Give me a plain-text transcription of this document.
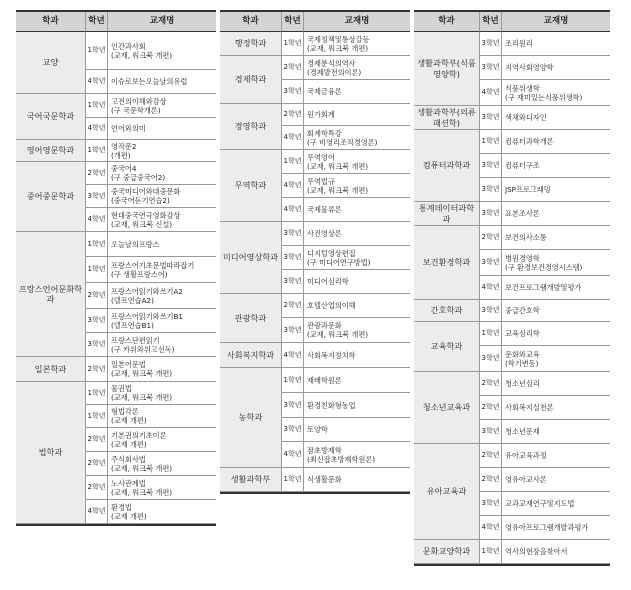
학과	학년	교재명
교양
1학년 인간과사회
(교재, 워크북 개편)
4학년 이슈로보는오늘날의유럽
국어국문학과
1학년 고전의이해와감상
(구 국문학개론)
4학년 언어와의미
영어영문학과	1학년 영작문2
(개편)
중어중문학과
2학년 중국어4
(구 중급중국어2)
3학년 중국미디어와대중문화
(중국어듣기연습2)
4학년 현대중국연극영화감상
(교재, 워크북 신설)
프랑스언어문화학과
1학년 오늘날의프랑스
1학년 프랑스어기초문법따라잡기
(구 생활프랑스어)
2학년 프랑스어읽기와쓰기A2
(델프연습A2)
3학년 프랑스어읽기와쓰기B1
(델프연습B1)
3학년 프랑스단편읽기
(구 카위와위고선독)
일본학과	2학년 일본어문법
(교재, 워크북 개편)
법학과
1학년 물권법
(교재, 워크북 개편)
1학년 형법각론
(교재 개편)
2학년 기본권의기초이론
(교재 개편)
2학년 주식회사법
(교재, 워크북 개편)
2학년 노사관계법
(교재, 워크북 개편)
4학년 환경법
(교재 개편)
학과	학년	교재명
행정학과	1학년 국제정책및통상갈등
(교재, 워크북 개편)
경제학과
2학년 경제분석의역사
(경제발전의이론)
3학년 국제금융론
경영학과
2학년 원가회계
4학년 회계학특강
(구 비영리조직경영론)
무역학과
1학년 무역영어
(교재, 워크북 개편)
4학년 무역법규
(교재, 워크북 개편)
4학년 국제물류론
미디어영상학과
3학년 사진영상론
3학년 디지털영상편집
(구 미디어연구방법)
3학년 미디어심리학
관광학과
2학년 호텔산업의이해
3학년 관광과문화
(교재, 워크북 개편)
사회복지학과	4학년 사회복지정치학
농학과
1학년 재배학원론
3학년 환경친화형농업
3학년 토양학
4학년 잠초방제학
(최신잡초방제학원론)
생활과학부	1학년 식생활문화
학과	학년	교재명
생활과학부(식품영양학)
3학년 조리원리
3학년 지역사회영양학
4학년 식품위생학
(구 재미있는식품위생학)
생활과학부(의류패션학)
3학년 색채와디자인
컴퓨터과학과
1학년 컴퓨터과학개론
3학년 컴퓨터구조
3학년 JSP프로그래밍
통계데이터과학과
3학년 표본조사론
보건환경학과
2학년 보건의사소통
3학년 병원경영학
(구 환경보건경영시스템)
4학년 보건프로그램개발및평가
간호학과	3학년 중급간호학
교육학과
1학년 교육심리학
3학년 문화와교육
(학기변동)
청소년교육과
2학년 청소년심리
2학년 사회복지실천론
3학년 청소년문제
유아교육과
2학년 유아교육과정
2학년 영유아교사론
3학년 교과교재연구및지도법
4학년 영유아프로그램개발과평가
문화교양학과	1학년 역사의현장을찾아서
